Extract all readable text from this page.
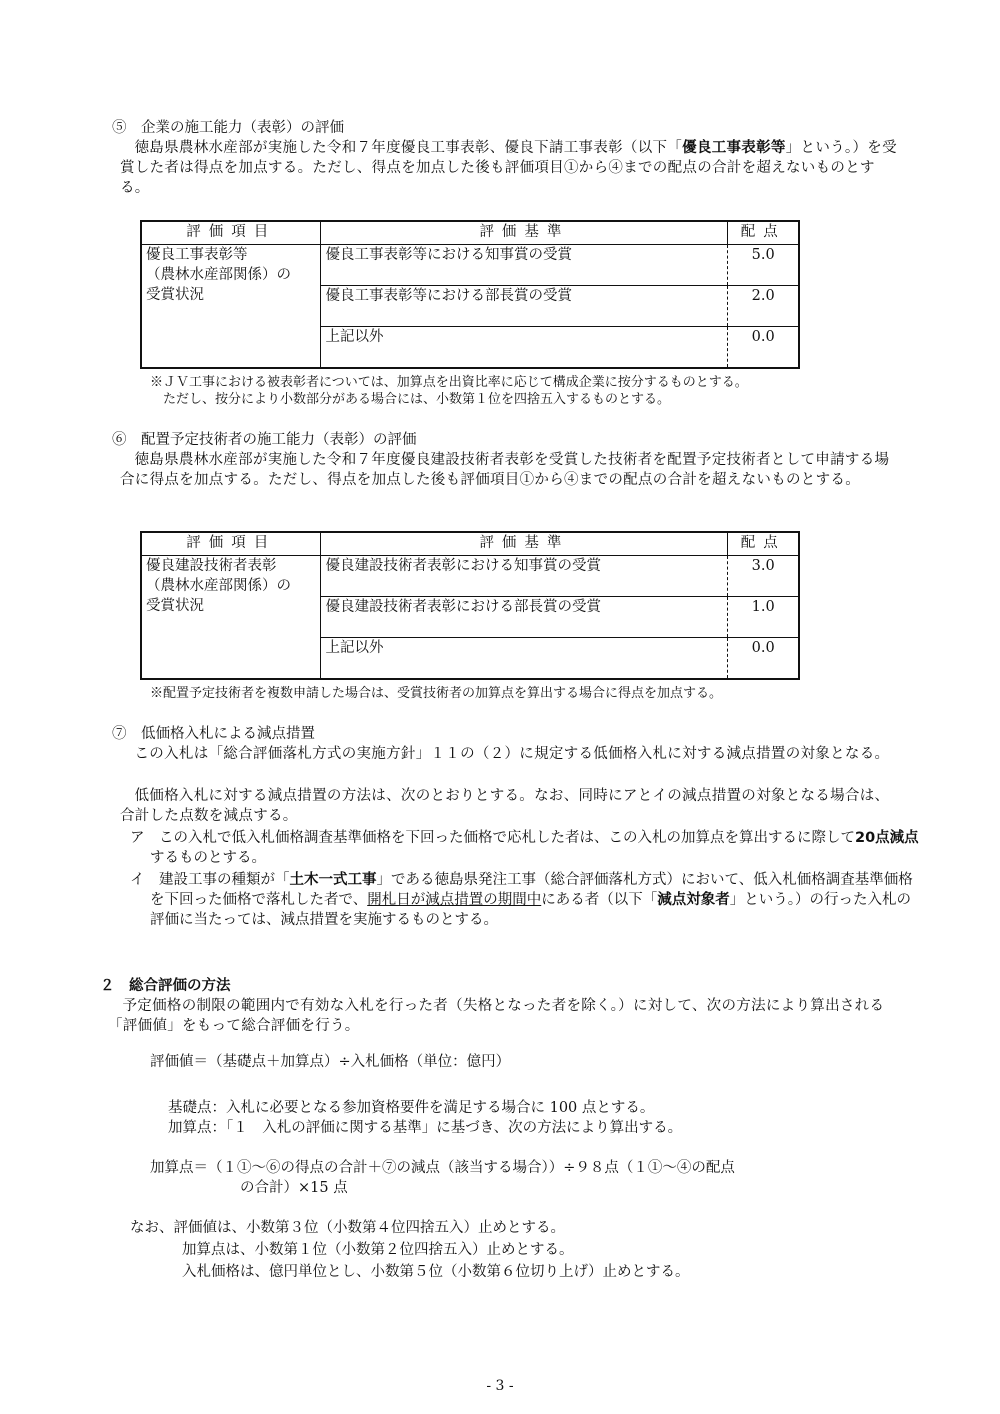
⑤　企業の施工能力（表彰）の評価
徳島県農林水産部が実施した令和７年度優良工事表彰、優良下請工事表彰（以下「優良工事表彰等」という。）を受賞した者は得点を加点する。ただし、得点を加点した後も評価項目①から④までの配点の合計を超えないものとする。
評価項目	評価基準	配点

優良工事表彰等
（農林水産部関係）の
受賞状況	優良工事表彰等における知事賞の受賞	5.0
	優良工事表彰等における部長賞の受賞	2.0
	上記以外	0.0
※ＪＶ工事における被表彰者については、加算点を出資比率に応じて構成企業に按分するものとする。
　ただし、按分により小数部分がある場合には、小数第１位を四捨五入するものとする。
⑥　配置予定技術者の施工能力（表彰）の評価
徳島県農林水産部が実施した令和７年度優良建設技術者表彰を受賞した技術者を配置予定技術者として申請する場合に得点を加点する。ただし、得点を加点した後も評価項目①から④までの配点の合計を超えないものとする。
評価項目	評価基準	配点

優良建設技術者表彰
（農林水産部関係）の
受賞状況	優良建設技術者表彰における知事賞の受賞	3.0
	優良建設技術者表彰における部長賞の受賞	1.0
	上記以外	0.0
※配置予定技術者を複数申請した場合は、受賞技術者の加算点を算出する場合に得点を加点する。
⑦　低価格入札による減点措置
この入札は「総合評価落札方式の実施方針」１１の（２）に規定する低価格入札に対する減点措置の対象となる。
低価格入札に対する減点措置の方法は、次のとおりとする。なお、同時にアとイの減点措置の対象となる場合は、合計した点数を減点する。
ア　この入札で低入札価格調査基準価格を下回った価格で応札した者は、この入札の加算点を算出するに際して20点減点するものとする。
イ　建設工事の種類が「土木一式工事」である徳島県発注工事（総合評価落札方式）において、低入札価格調査基準価格を下回った価格で落札した者で、開札日が減点措置の期間中にある者（以下「減点対象者」という。）の行った入札の評価に当たっては、減点措置を実施するものとする。
２　総合評価の方法
予定価格の制限の範囲内で有効な入札を行った者（失格となった者を除く。）に対して、次の方法により算出される「評価値」をもって総合評価を行う。
評価値＝（基礎点＋加算点）÷入札価格（単位：億円）
基礎点：入札に必要となる参加資格要件を満足する場合に 100 点とする。
加算点：「１　入札の評価に関する基準」に基づき、次の方法により算出する。
加算点＝（１①～⑥の得点の合計＋⑦の減点（該当する場合））÷９８点（１①～④の配点
の合計）×15 点
なお、評価値は、小数第３位（小数第４位四捨五入）止めとする。
加算点は、小数第１位（小数第２位四捨五入）止めとする。
入札価格は、億円単位とし、小数第５位（小数第６位切り上げ）止めとする。
- 3 -
